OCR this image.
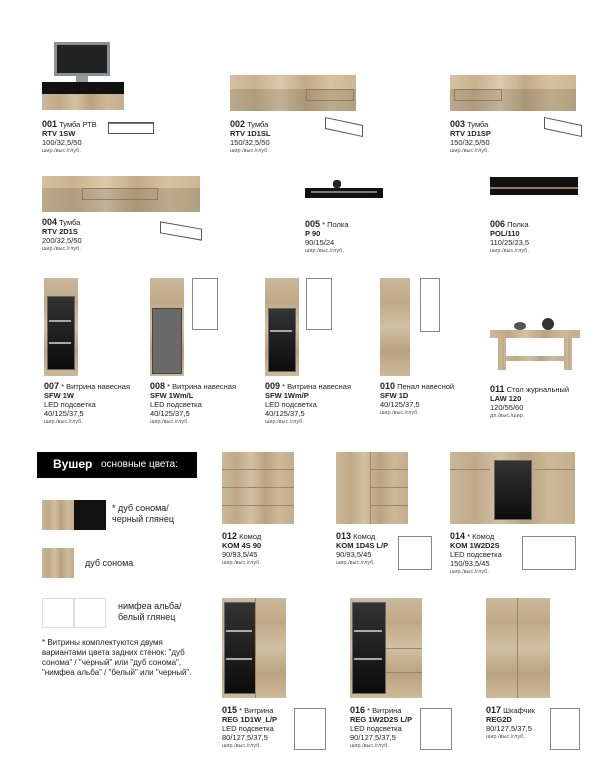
001 Тумба РТВ
RTV 1SW
100/32,5/50
шир./выс./глуб.
002 Тумба
RTV 1D1SL
150/32,5/50
шир./выс./глуб.
003 Тумба
RTV 1D1SP
150/32,5/50
шир./выс./глуб.
004 Тумба
RTV 2D1S
200/32,5/50
шир./выс./глуб.
005 * Полка
P 90
90/15/24
шир./выс./глуб.
006 Полка
POL/110
110/25/23,5
шир./выс./глуб.
007 * Витрина навесная
SFW 1W
LED подсветка
40/125/37,5
шир./выс./глуб.
008 * Витрина навесная
SFW 1Wm/L
LED подсветка
40/125/37,5
шир./выс./глуб.
009 * Витрина навесная
SFW 1Wm/P
LED подсветка
40/125/37,5
шир./выс./глуб.
010 Пенал навесной
SFW 1D
40/125/37,5
шир./выс./глуб.
011 Стол журнальный
LAW 120
120/55/60
дл./выс./шир.
Вушер основные цвета:
* дуб сонома/
черный глянец
дуб сонома
нимфеа альба/
белый глянец
* Витрины комплектуются двумя вариантами цвета задних стенок: "дуб сонома" / "черный" или "дуб сонома", "нимфеа альба" / "белый" или "черный".
012 Комод
KOM 4S 90
90/93,5/45
шир./выс./глуб.
013 Комод
KOM 1D4S L/P
90/93,5/45
шир./выс./глуб.
014 * Комод
KOM 1W2D2S
LED подсветка
150/93,5/45
шир./выс./глуб.
015 * Витрина
REG 1D1W_L/P
LED подсветка
80/127,5/37,5
шир./выс./глуб.
016 * Витрина
REG 1W2D2S L/P
LED подсветка
90/127,5/37,5
шир./выс./глуб.
017 Шкафчик
REG2D
80/127,5/37,5
шир./выс./глуб.
